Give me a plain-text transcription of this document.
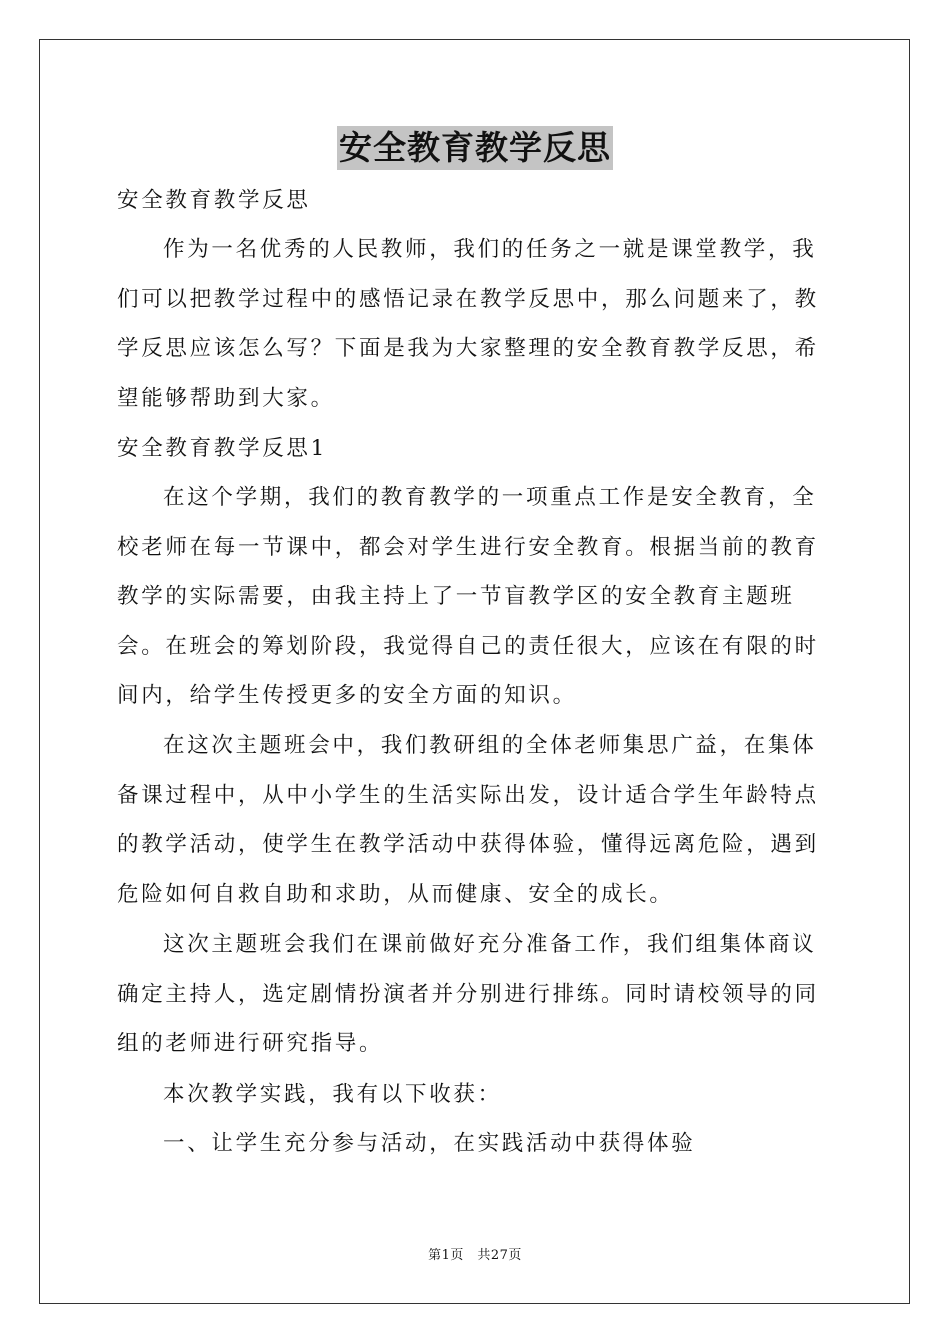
安全教育教学反思

安全教育教学反思

作为一名优秀的人民教师，我们的任务之一就是课堂教学，我们可以把教学过程中的感悟记录在教学反思中，那么问题来了，教学反思应该怎么写？下面是我为大家整理的安全教育教学反思，希望能够帮助到大家。

安全教育教学反思1

在这个学期，我们的教育教学的一项重点工作是安全教育，全校老师在每一节课中，都会对学生进行安全教育。根据当前的教育教学的实际需要，由我主持上了一节盲教学区的安全教育主题班会。在班会的筹划阶段，我觉得自己的责任很大，应该在有限的时间内，给学生传授更多的安全方面的知识。

在这次主题班会中，我们教研组的全体老师集思广益，在集体备课过程中，从中小学生的生活实际出发，设计适合学生年龄特点的教学活动，使学生在教学活动中获得体验，懂得远离危险，遇到危险如何自救自助和求助，从而健康、安全的成长。

这次主题班会我们在课前做好充分准备工作，我们组集体商议确定主持人，选定剧情扮演者并分别进行排练。同时请校领导的同组的老师进行研究指导。

本次教学实践，我有以下收获：

一、让学生充分参与活动，在实践活动中获得体验

第1页　共27页
